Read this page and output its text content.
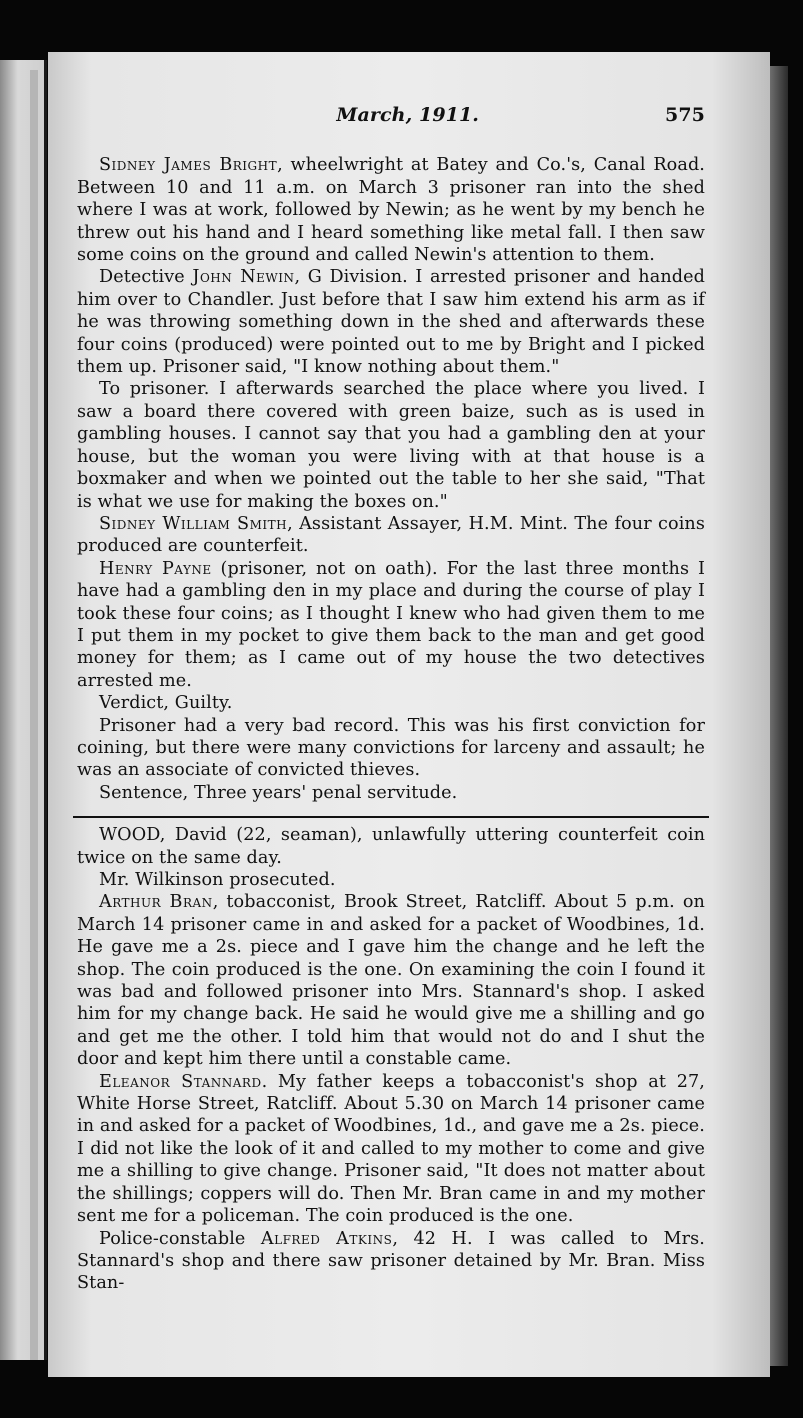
March, 1911.	575

Sidney James Bright, wheelwright at Batey and Co.'s, Canal Road. Between 10 and 11 a.m. on March 3 prisoner ran into the shed where I was at work, followed by Newin; as he went by my bench he threw out his hand and I heard something like metal fall. I then saw some coins on the ground and called Newin's attention to them.

Detective John Newin, G Division. I arrested prisoner and handed him over to Chandler. Just before that I saw him extend his arm as if he was throwing something down in the shed and afterwards these four coins (produced) were pointed out to me by Bright and I picked them up. Prisoner said, "I know nothing about them."

To prisoner. I afterwards searched the place where you lived. I saw a board there covered with green baize, such as is used in gambling houses. I cannot say that you had a gambling den at your house, but the woman you were living with at that house is a boxmaker and when we pointed out the table to her she said, "That is what we use for making the boxes on."

Sidney William Smith, Assistant Assayer, H.M. Mint. The four coins produced are counterfeit.

Henry Payne (prisoner, not on oath). For the last three months I have had a gambling den in my place and during the course of play I took these four coins; as I thought I knew who had given them to me I put them in my pocket to give them back to the man and get good money for them; as I came out of my house the two detectives arrested me.

Verdict, Guilty.

Prisoner had a very bad record. This was his first conviction for coining, but there were many convictions for larceny and assault; he was an associate of convicted thieves.

Sentence, Three years' penal servitude.

WOOD, David (22, seaman), unlawfully uttering counterfeit coin twice on the same day.

Mr. Wilkinson prosecuted.

Arthur Bran, tobacconist, Brook Street, Ratcliff. About 5 p.m. on March 14 prisoner came in and asked for a packet of Woodbines, 1d. He gave me a 2s. piece and I gave him the change and he left the shop. The coin produced is the one. On examining the coin I found it was bad and followed prisoner into Mrs. Stannard's shop. I asked him for my change back. He said he would give me a shilling and go and get me the other. I told him that would not do and I shut the door and kept him there until a constable came.

Eleanor Stannard. My father keeps a tobacconist's shop at 27, White Horse Street, Ratcliff. About 5.30 on March 14 prisoner came in and asked for a packet of Woodbines, 1d., and gave me a 2s. piece. I did not like the look of it and called to my mother to come and give me a shilling to give change. Prisoner said, "It does not matter about the shillings; coppers will do. Then Mr. Bran came in and my mother sent me for a policeman. The coin produced is the one.

Police-constable Alfred Atkins, 42 H. I was called to Mrs. Stannard's shop and there saw prisoner detained by Mr. Bran. Miss Stan-
